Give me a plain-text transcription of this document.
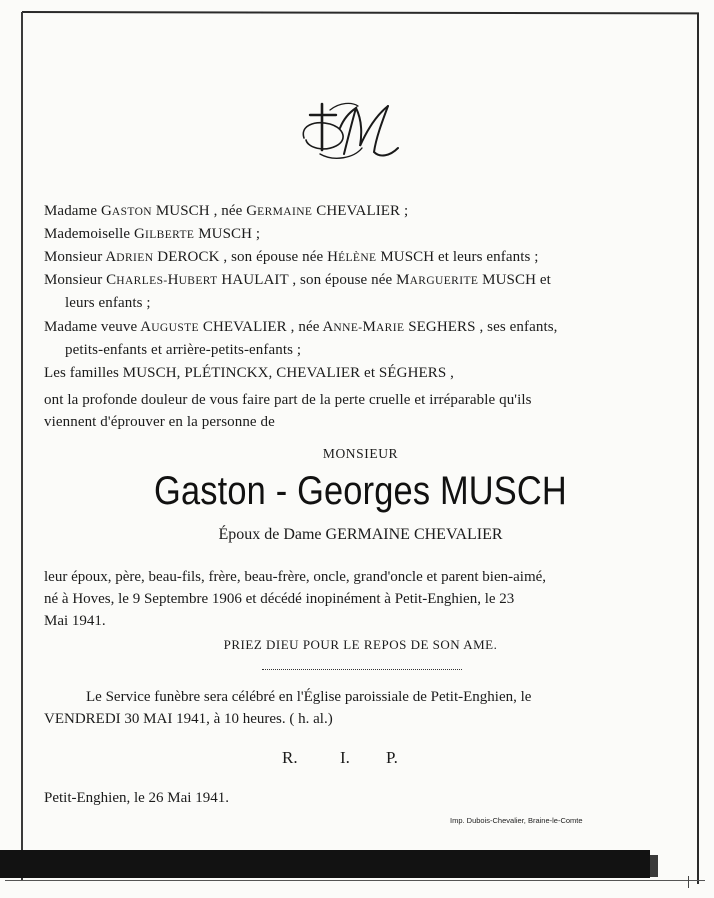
Madame GASTON MUSCH , née GERMAINE CHEVALIER ;
Mademoiselle GILBERTE MUSCH ;
Monsieur ADRIEN DEROCK , son épouse née HÉLÈNE MUSCH et leurs enfants ;
Monsieur CHARLES-HUBERT HAULAIT , son épouse née MARGUERITE MUSCH et
leurs enfants ;
Madame veuve AUGUSTE CHEVALIER , née ANNE-MARIE SEGHERS , ses enfants,
petits-enfants et arrière-petits-enfants ;
Les familles MUSCH, PLÉTINCKX, CHEVALIER et SÉGHERS ,
ont la profonde douleur de vous faire part de la perte cruelle et irréparable qu'ils
viennent d'éprouver en la personne de
MONSIEUR
Gaston - Georges MUSCH
Époux de Dame GERMAINE CHEVALIER
leur époux, père, beau-fils, frère, beau-frère, oncle, grand'oncle et parent bien-aimé,
né à Hoves, le 9 Septembre 1906 et décédé inopinément à Petit-Enghien, le 23
Mai 1941.
PRIEZ DIEU POUR LE REPOS DE SON AME.
Le Service funèbre sera célébré en l'Église paroissiale de Petit-Enghien, le
VENDREDI 30 MAI 1941, à 10 heures. ( h. al.)
R. I. P.
Petit-Enghien, le 26 Mai 1941.
Imp. Dubois-Chevalier, Braine-le-Comte
